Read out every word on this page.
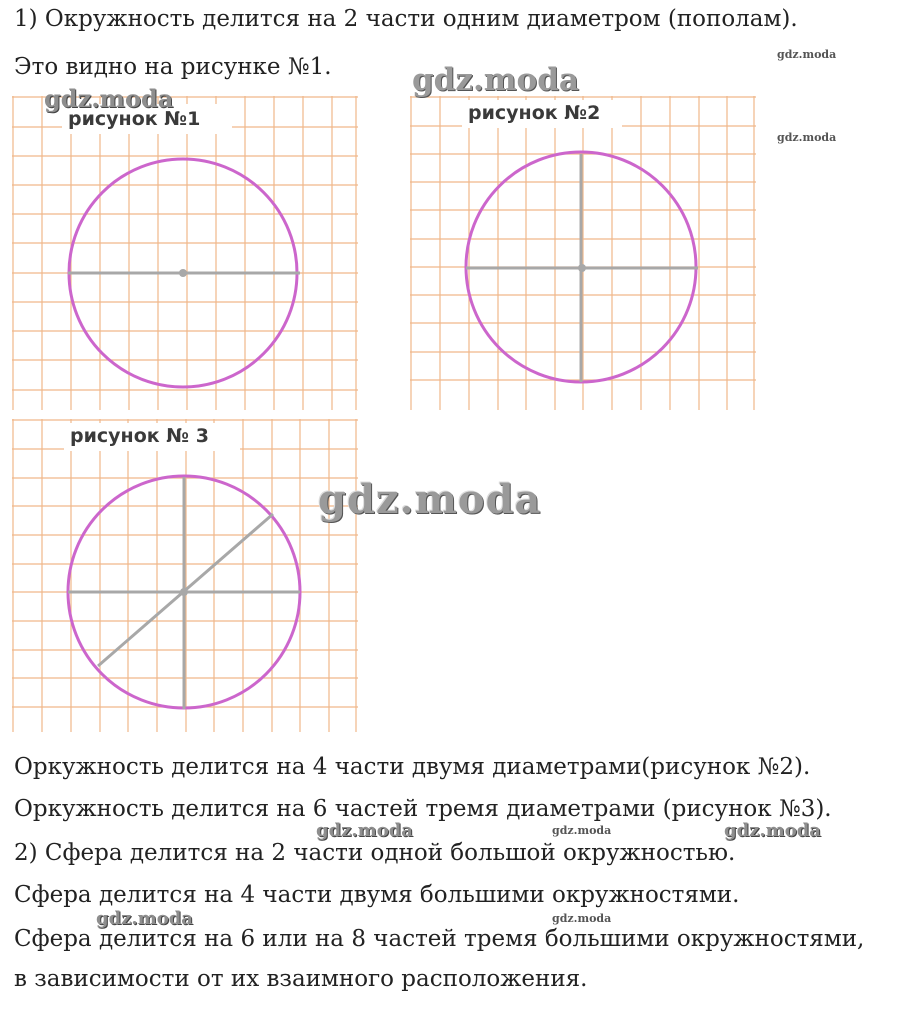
1) Окружность делится на 2 части одним диаметром (пополам).
Это видно на рисунке №1.
рисунок №1
gdz.moda	рисунок №2
рисунок № 3
gdz.moda
gdz.moda
gdz.moda
gdz.moda
Оркужность делится на 4 части двумя диаметрами(рисунок №2).
Оркужность делится на 6 частей тремя диаметрами (рисунок №3).
gdz.moda	gdz.moda	gdz.moda
2) Сфера делится на 2 части одной большой окружностью.
Сфера делится на 4 части двумя большими окружностями.
gdz.moda	gdz.moda
Сфера делится на 6 или на 8 частей тремя большими окружностями,
в зависимости от их взаимного расположения.
